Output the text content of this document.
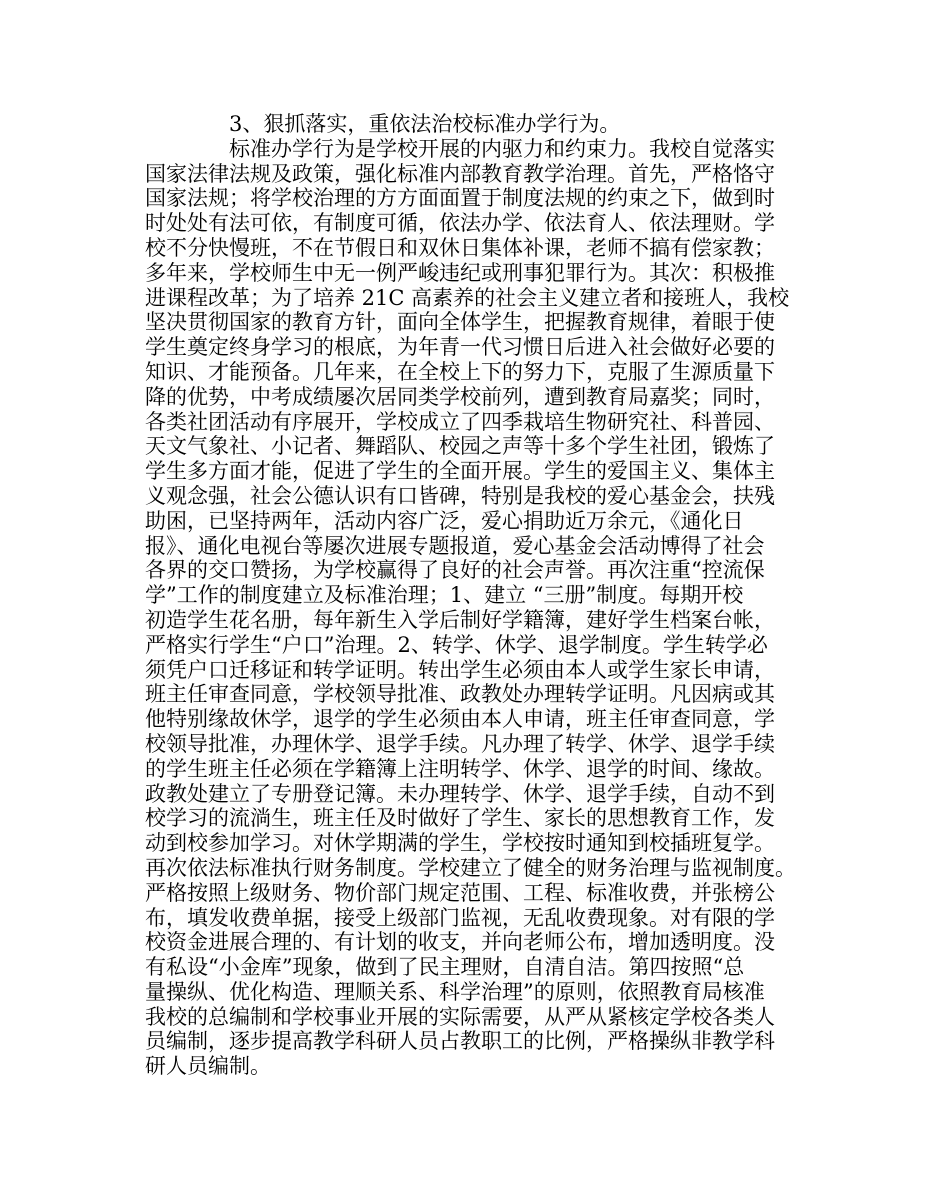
3、狠抓落实，重依法治校标准办学行为。
标准办学行为是学校开展的内驱力和约束力。我校自觉落实
国家法律法规及政策，强化标准内部教育教学治理。首先，严格恪守
国家法规；将学校治理的方方面面置于制度法规的约束之下，做到时
时处处有法可依，有制度可循，依法办学、依法育人、依法理财。学
校不分快慢班，不在节假日和双休日集体补课，老师不搞有偿家教；
多年来，学校师生中无一例严峻违纪或刑事犯罪行为。其次：积极推
进课程改革；为了培养 21C 高素养的社会主义建立者和接班人，我校
坚决贯彻国家的教育方针，面向全体学生，把握教育规律，着眼于使
学生奠定终身学习的根底，为年青一代习惯日后进入社会做好必要的
知识、才能预备。几年来，在全校上下的努力下，克服了生源质量下
降的优势，中考成绩屡次居同类学校前列，遭到教育局嘉奖；同时，
各类社团活动有序展开，学校成立了四季栽培生物研究社、科普园、
天文气象社、小记者、舞蹈队、校园之声等十多个学生社团，锻炼了
学生多方面才能，促进了学生的全面开展。学生的爱国主义、集体主
义观念强，社会公德认识有口皆碑，特别是我校的爱心基金会，扶残
助困，已坚持两年，活动内容广泛，爱心捐助近万余元，《通化日
报》、通化电视台等屡次进展专题报道，爱心基金会活动博得了社会
各界的交口赞扬，为学校赢得了良好的社会声誉。再次注重“控流保
学”工作的制度建立及标准治理；1、建立 “三册”制度。每期开校
初造学生花名册，每年新生入学后制好学籍簿，建好学生档案台帐，
严格实行学生“户口”治理。2、转学、休学、退学制度。学生转学必
须凭户口迁移证和转学证明。转出学生必须由本人或学生家长申请，
班主任审查同意，学校领导批准、政教处办理转学证明。凡因病或其
他特别缘故休学，退学的学生必须由本人申请，班主任审查同意，学
校领导批准，办理休学、退学手续。凡办理了转学、休学、退学手续
的学生班主任必须在学籍簿上注明转学、休学、退学的时间、缘故。
政教处建立了专册登记簿。未办理转学、休学、退学手续，自动不到
校学习的流淌生，班主任及时做好了学生、家长的思想教育工作，发
动到校参加学习。对休学期满的学生，学校按时通知到校插班复学。
再次依法标准执行财务制度。学校建立了健全的财务治理与监视制度。
严格按照上级财务、物价部门规定范围、工程、标准收费，并张榜公
布，填发收费单据，接受上级部门监视，无乱收费现象。对有限的学
校资金进展合理的、有计划的收支，并向老师公布，增加透明度。没
有私设“小金库”现象，做到了民主理财，自清自洁。第四按照“总
量操纵、优化构造、理顺关系、科学治理”的原则，依照教育局核准
我校的总编制和学校事业开展的实际需要，从严从紧核定学校各类人
员编制，逐步提高教学科研人员占教职工的比例，严格操纵非教学科
研人员编制。
